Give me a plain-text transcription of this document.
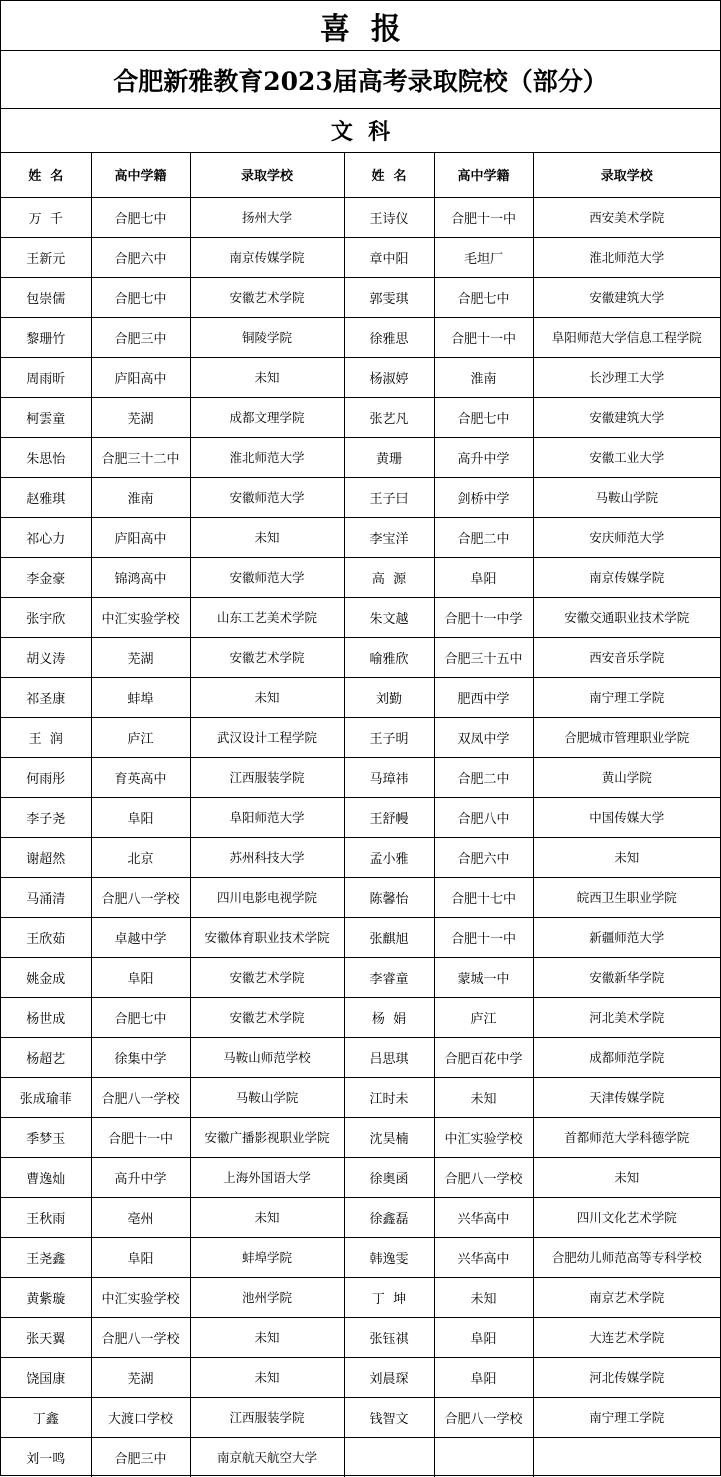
喜  报
合肥新雅教育2023届高考录取院校（部分）
文  科
姓  名	高中学籍	录取学校	姓  名	高中学籍	录取学校
万  千	合肥七中	扬州大学	王诗仪	合肥十一中	西安美术学院
王新元	合肥六中	南京传媒学院	章中阳	毛坦厂	淮北师范大学
包崇儒	合肥七中	安徽艺术学院	郭雯琪	合肥七中	安徽建筑大学
黎珊竹	合肥三中	铜陵学院	徐雅思	合肥十一中	阜阳师范大学信息工程学院
周雨昕	庐阳高中	未知	杨淑婷	淮南	长沙理工大学
柯雲童	芜湖	成都文理学院	张艺凡	合肥七中	安徽建筑大学
朱思怡	合肥三十二中	淮北师范大学	黄珊	高升中学	安徽工业大学
赵雅琪	淮南	安徽师范大学	王子曰	剑桥中学	马鞍山学院
祁心力	庐阳高中	未知	李宝洋	合肥二中	安庆师范大学
李金豪	锦鸿高中	安徽师范大学	高  源	阜阳	南京传媒学院
张宇欣	中汇实验学校	山东工艺美术学院	朱文越	合肥十一中学	安徽交通职业技术学院
胡义涛	芜湖	安徽艺术学院	喻雅欣	合肥三十五中	西安音乐学院
祁圣康	蚌埠	未知	刘勤	肥西中学	南宁理工学院
王  润	庐江	武汉设计工程学院	王子明	双凤中学	合肥城市管理职业学院
何雨彤	育英高中	江西服装学院	马璋祎	合肥二中	黄山学院
李子尧	阜阳	阜阳师范大学	王舒幔	合肥八中	中国传媒大学
谢超然	北京	苏州科技大学	孟小雅	合肥六中	未知
马涌清	合肥八一学校	四川电影电视学院	陈馨怡	合肥十七中	皖西卫生职业学院
王欣茹	卓越中学	安徽体育职业技术学院	张麒旭	合肥十一中	新疆师范大学
姚金成	阜阳	安徽艺术学院	李睿童	蒙城一中	安徽新华学院
杨世成	合肥七中	安徽艺术学院	杨  娟	庐江	河北美术学院
杨超艺	徐集中学	马鞍山师范学校	吕思琪	合肥百花中学	成都师范学院
张成瑜菲	合肥八一学校	马鞍山学院	江时未	未知	天津传媒学院
季梦玉	合肥十一中	安徽广播影视职业学院	沈昊楠	中汇实验学校	首都师范大学科德学院
曹逸灿	高升中学	上海外国语大学	徐奥函	合肥八一学校	未知
王秋雨	亳州	未知	徐鑫磊	兴华高中	四川文化艺术学院
王尧鑫	阜阳	蚌埠学院	韩逸雯	兴华高中	合肥幼儿师范高等专科学校
黄紫璇	中汇实验学校	池州学院	丁  坤	未知	南京艺术学院
张天翼	合肥八一学校	未知	张钰祺	阜阳	大连艺术学院
饶国康	芜湖	未知	刘晨琛	阜阳	河北传媒学院
丁鑫	大渡口学校	江西服装学院	钱智文	合肥八一学校	南宁理工学院
刘一鸣	合肥三中	南京航天航空大学			
